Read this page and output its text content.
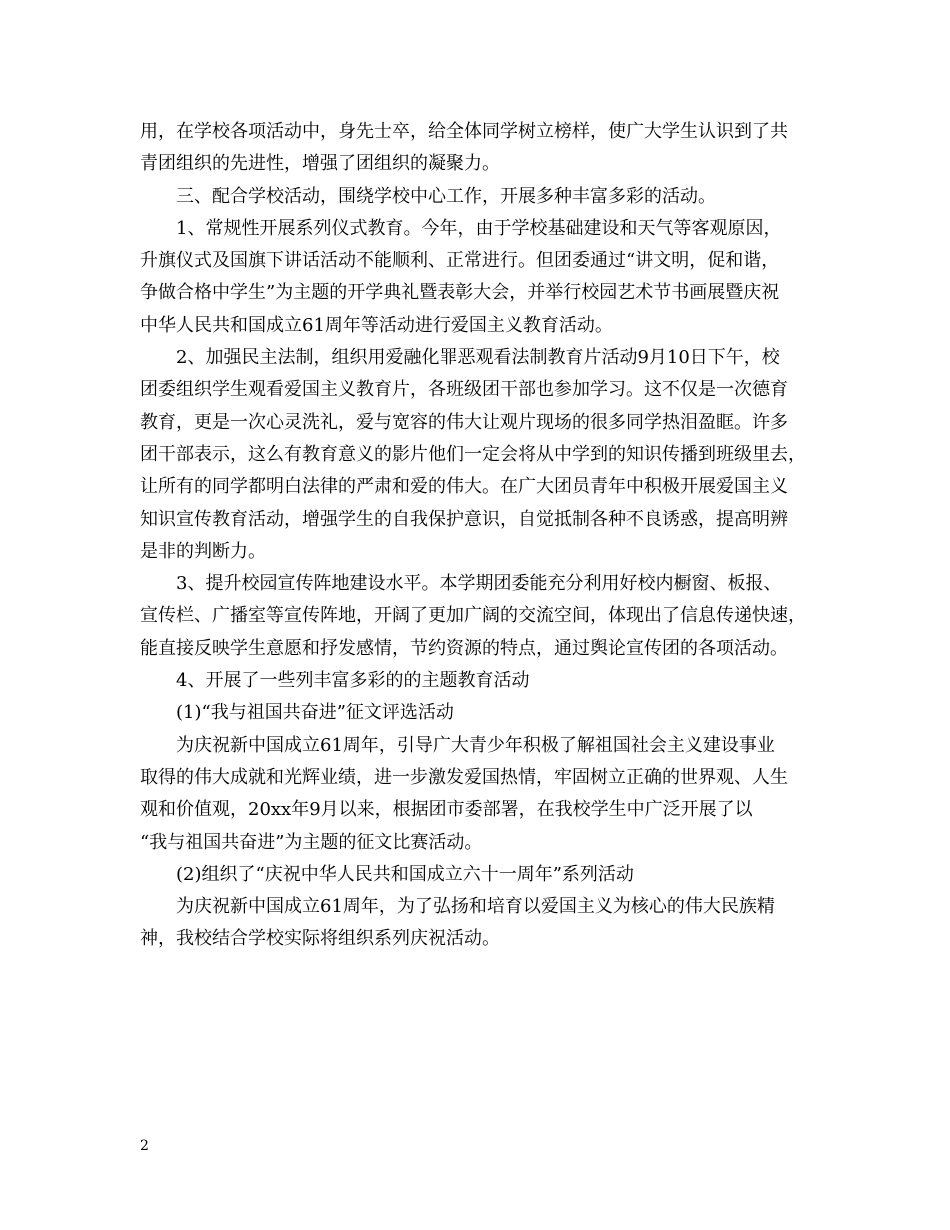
用，在学校各项活动中，身先士卒，给全体同学树立榜样，使广大学生认识到了共
青团组织的先进性，增强了团组织的凝聚力。
三、配合学校活动，围绕学校中心工作，开展多种丰富多彩的活动。
1、常规性开展系列仪式教育。今年，由于学校基础建设和天气等客观原因，
升旗仪式及国旗下讲话活动不能顺利、正常进行。但团委通过“讲文明，促和谐，
争做合格中学生”为主题的开学典礼暨表彰大会，并举行校园艺术节书画展暨庆祝
中华人民共和国成立61周年等活动进行爱国主义教育活动。
2、加强民主法制，组织用爱融化罪恶观看法制教育片活动9月10日下午，校
团委组织学生观看爱国主义教育片，各班级团干部也参加学习。这不仅是一次德育
教育，更是一次心灵洗礼，爱与宽容的伟大让观片现场的很多同学热泪盈眶。许多
团干部表示，这么有教育意义的影片他们一定会将从中学到的知识传播到班级里去，
让所有的同学都明白法律的严肃和爱的伟大。在广大团员青年中积极开展爱国主义
知识宣传教育活动，增强学生的自我保护意识，自觉抵制各种不良诱惑，提高明辨
是非的判断力。
3、提升校园宣传阵地建设水平。本学期团委能充分利用好校内橱窗、板报、
宣传栏、广播室等宣传阵地，开阔了更加广阔的交流空间，体现出了信息传递快速，
能直接反映学生意愿和抒发感情，节约资源的特点，通过舆论宣传团的各项活动。
4、开展了一些列丰富多彩的的主题教育活动
(1)“我与祖国共奋进”征文评选活动
为庆祝新中国成立61周年，引导广大青少年积极了解祖国社会主义建设事业
取得的伟大成就和光辉业绩，进一步激发爱国热情，牢固树立正确的世界观、人生
观和价值观，20xx年9月以来，根据团市委部署，在我校学生中广泛开展了以
“我与祖国共奋进”为主题的征文比赛活动。
(2)组织了“庆祝中华人民共和国成立六十一周年”系列活动
为庆祝新中国成立61周年，为了弘扬和培育以爱国主义为核心的伟大民族精
神，我校结合学校实际将组织系列庆祝活动。
2
